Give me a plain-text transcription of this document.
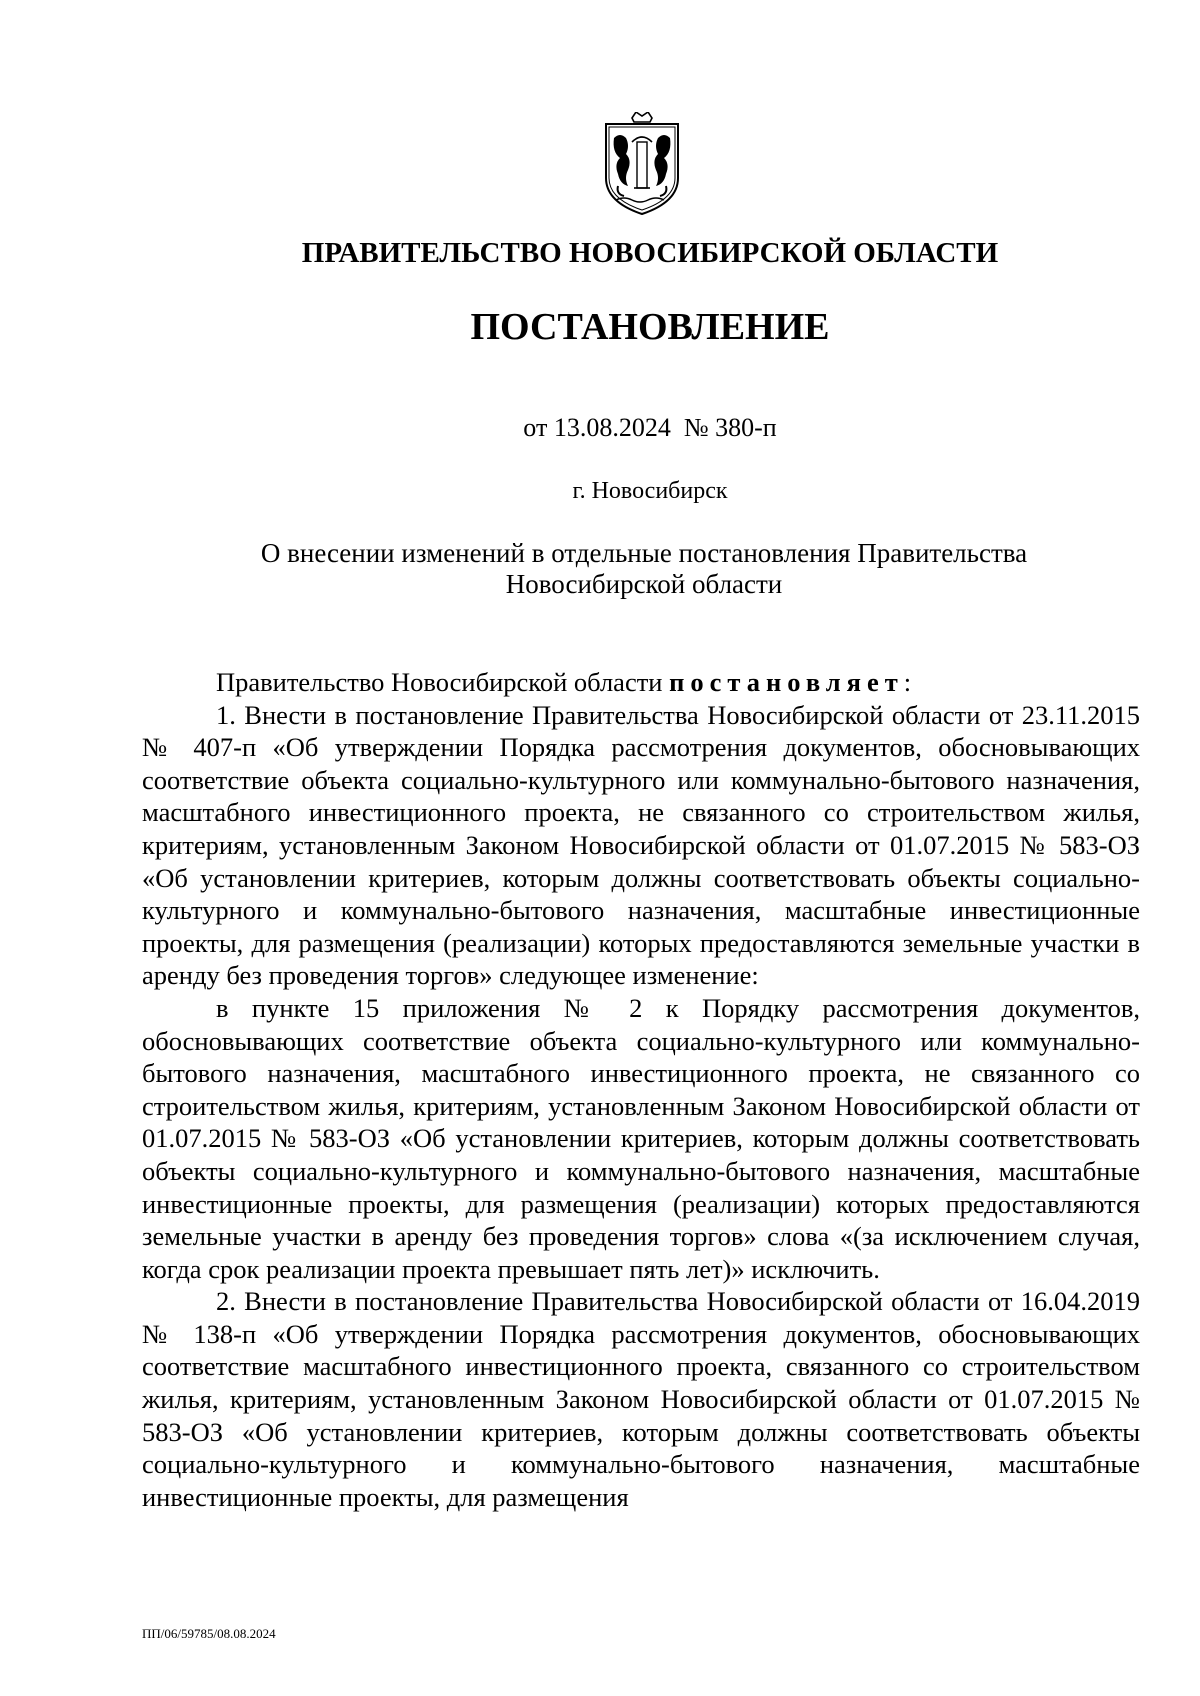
ПРАВИТЕЛЬСТВО НОВОСИБИРСКОЙ ОБЛАСТИ
ПОСТАНОВЛЕНИЕ
от 13.08.2024  № 380-п
г. Новосибирск
О внесении изменений в отдельные постановления Правительства
Новосибирской области

Правительство Новосибирской области постановляет:

1. Внести в постановление Правительства Новосибирской области от 23.11.2015 № 407-п «Об утверждении Порядка рассмотрения документов, обосновывающих соответствие объекта социально-культурного или коммунально-бытового назначения, масштабного инвестиционного проекта, не связанного со строительством жилья, критериям, установленным Законом Новосибирской области от 01.07.2015 № 583-ОЗ «Об установлении критериев, которым должны соответствовать объекты социально-культурного и коммунально-бытового назначения, масштабные инвестиционные проекты, для размещения (реализации) которых предоставляются земельные участки в аренду без проведения торгов» следующее изменение:

в пункте 15 приложения № 2 к Порядку рассмотрения документов, обосновывающих соответствие объекта социально-культурного или коммунально-бытового назначения, масштабного инвестиционного проекта, не связанного со строительством жилья, критериям, установленным Законом Новосибирской области от 01.07.2015 № 583-ОЗ «Об установлении критериев, которым должны соответствовать объекты социально-культурного и коммунально-бытового назначения, масштабные инвестиционные проекты, для размещения (реализации) которых предоставляются земельные участки в аренду без проведения торгов» слова «(за исключением случая, когда срок реализации проекта превышает пять лет)» исключить.

2. Внести в постановление Правительства Новосибирской области от 16.04.2019 № 138-п «Об утверждении Порядка рассмотрения документов, обосновывающих соответствие масштабного инвестиционного проекта, связанного со строительством жилья, критериям, установленным Законом Новосибирской области от 01.07.2015 № 583-ОЗ «Об установлении критериев, которым должны соответствовать объекты социально-культурного и коммунально-бытового назначения, масштабные инвестиционные проекты, для размещения

ПП/06/59785/08.08.2024
